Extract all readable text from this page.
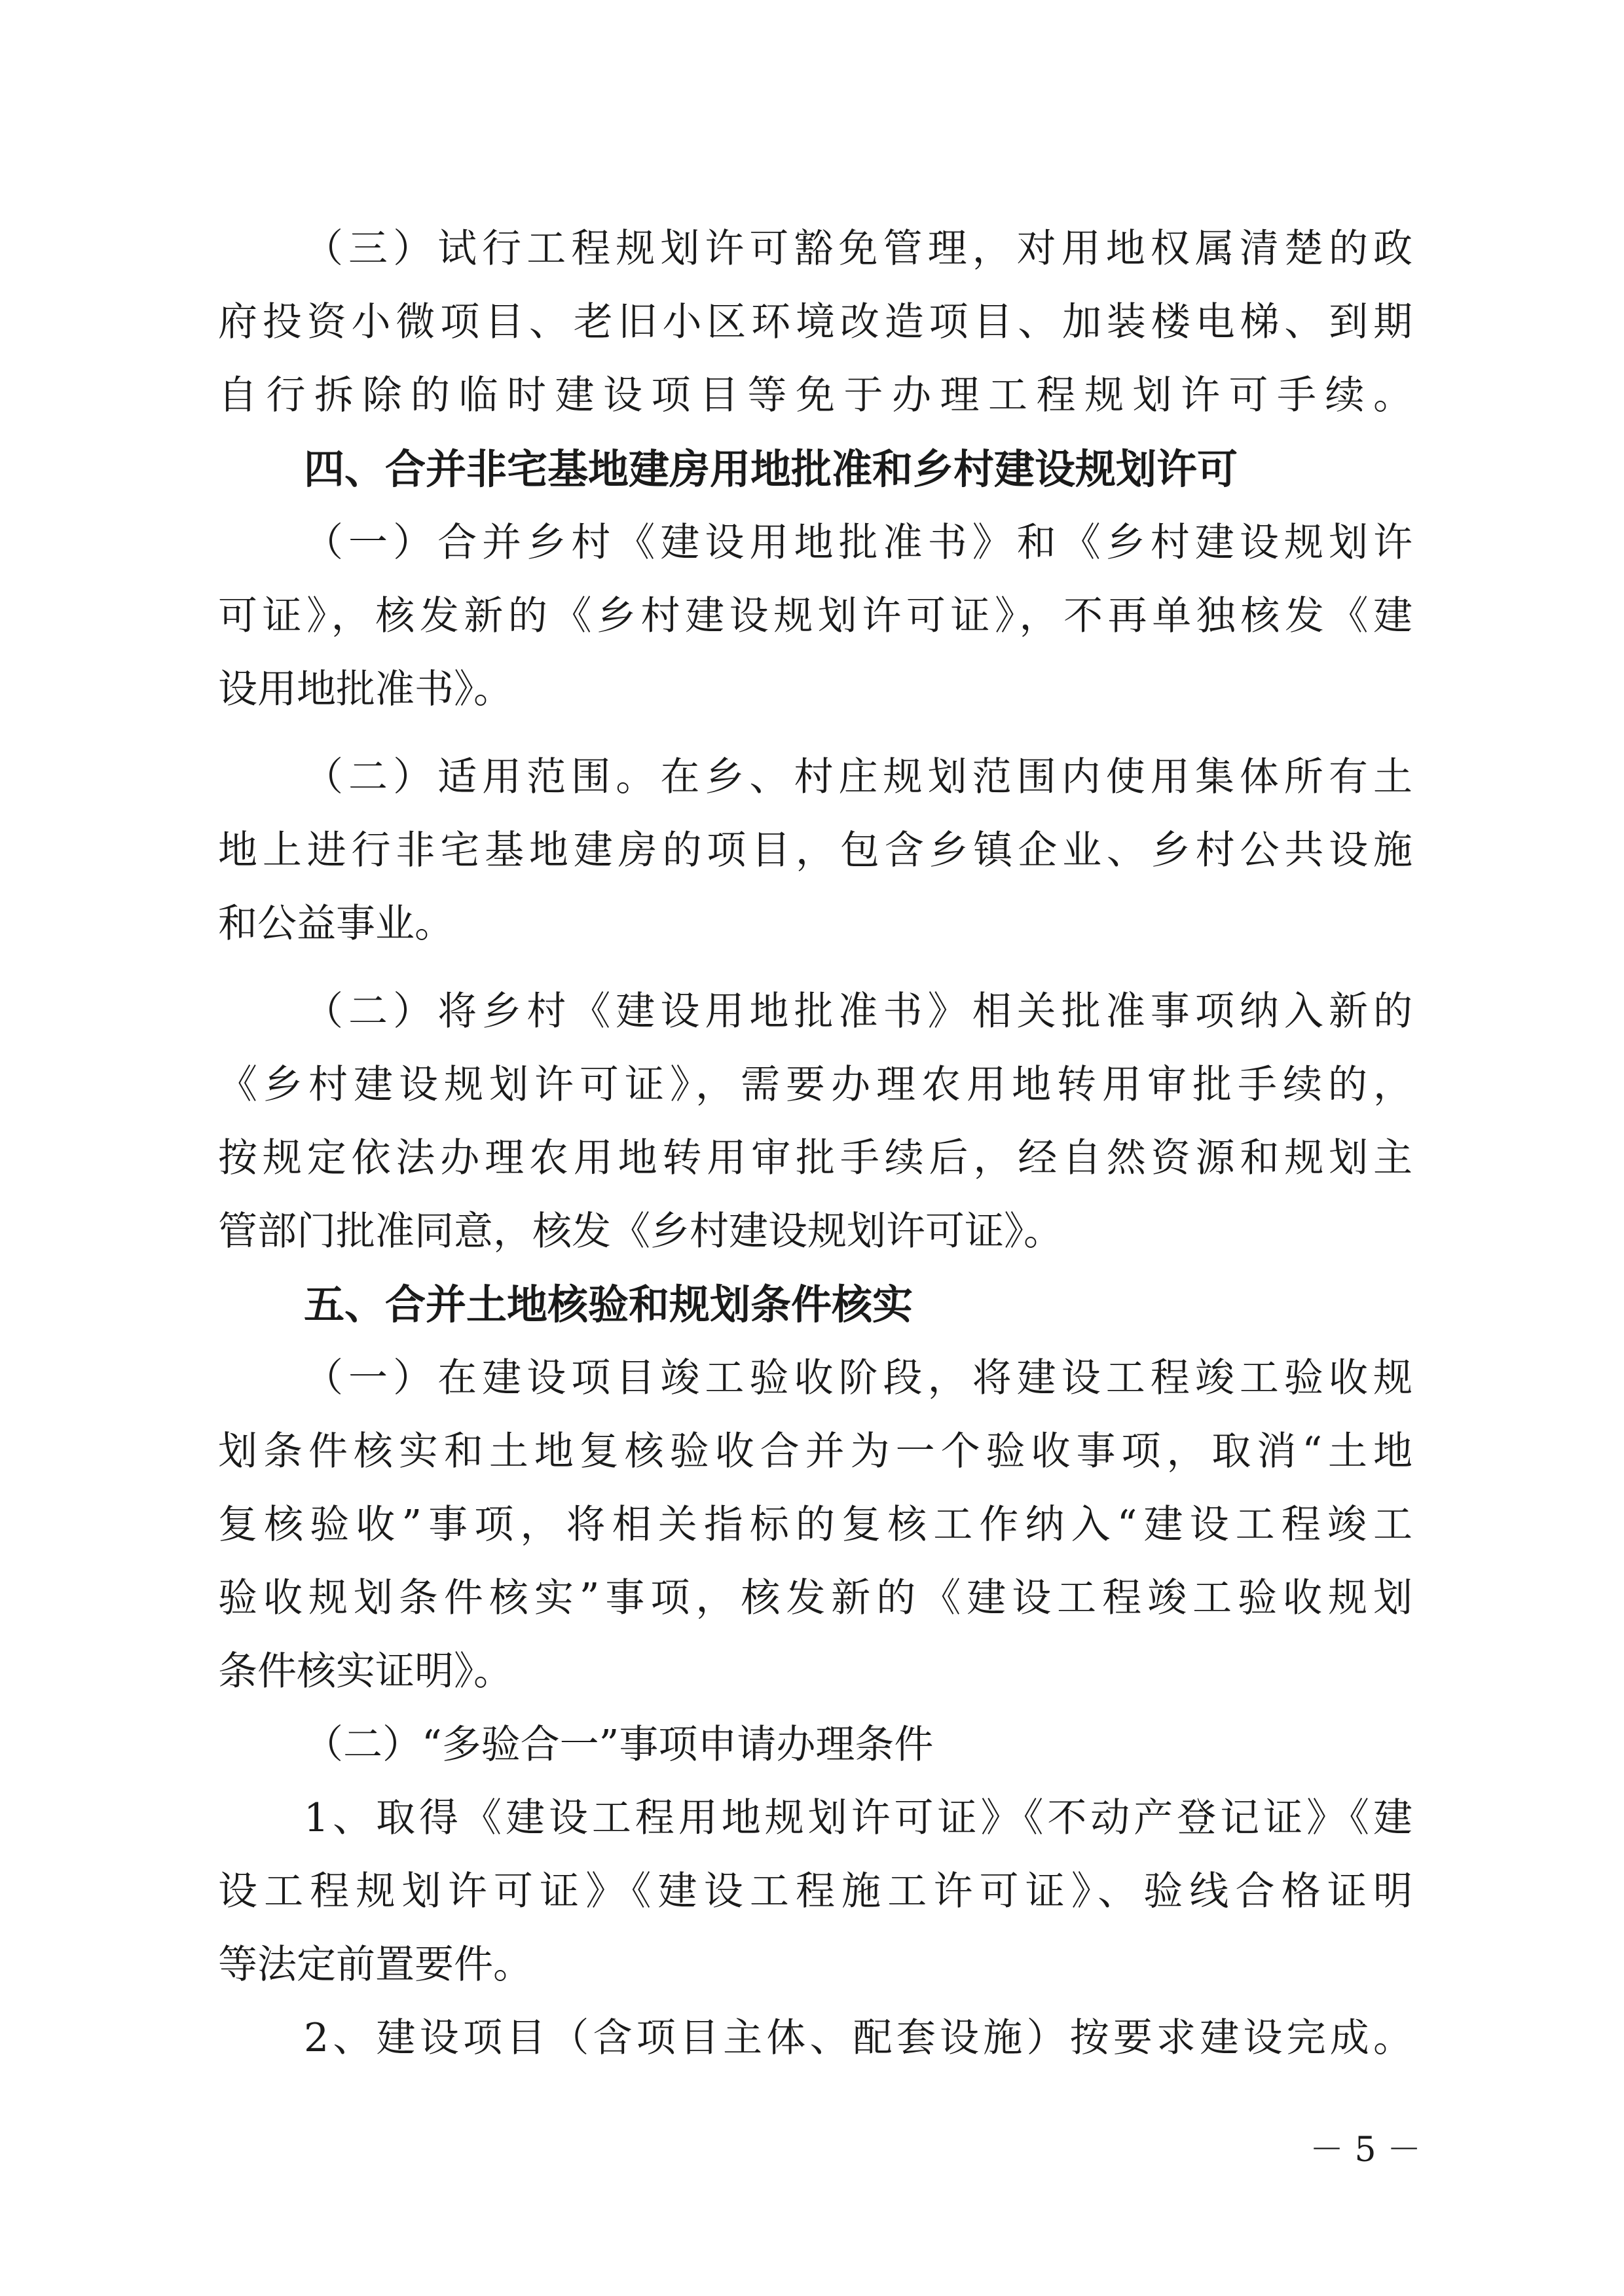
（三）试行工程规划许可豁免管理，对用地权属清楚的政
府投资小微项目、老旧小区环境改造项目、加装楼电梯、到期
自行拆除的临时建设项目等免于办理工程规划许可手续。
四、合并非宅基地建房用地批准和乡村建设规划许可
（一）合并乡村《建设用地批准书》和《乡村建设规划许
可证》，核发新的《乡村建设规划许可证》，不再单独核发《建
设用地批准书》。
（二）适用范围。在乡、村庄规划范围内使用集体所有土
地上进行非宅基地建房的项目，包含乡镇企业、乡村公共设施
和公益事业。
（二）将乡村《建设用地批准书》相关批准事项纳入新的
《乡村建设规划许可证》，需要办理农用地转用审批手续的，
按规定依法办理农用地转用审批手续后，经自然资源和规划主
管部门批准同意，核发《乡村建设规划许可证》。
五、合并土地核验和规划条件核实
（一）在建设项目竣工验收阶段，将建设工程竣工验收规
划条件核实和土地复核验收合并为一个验收事项，取消“土地
复核验收”事项，将相关指标的复核工作纳入“建设工程竣工
验收规划条件核实”事项，核发新的《建设工程竣工验收规划
条件核实证明》。
（二）“多验合一”事项申请办理条件
1、取得《建设工程用地规划许可证》《不动产登记证》《建
设工程规划许可证》《建设工程施工许可证》、验线合格证明
等法定前置要件。
2、建设项目（含项目主体、配套设施）按要求建设完成。
－ 5 －
